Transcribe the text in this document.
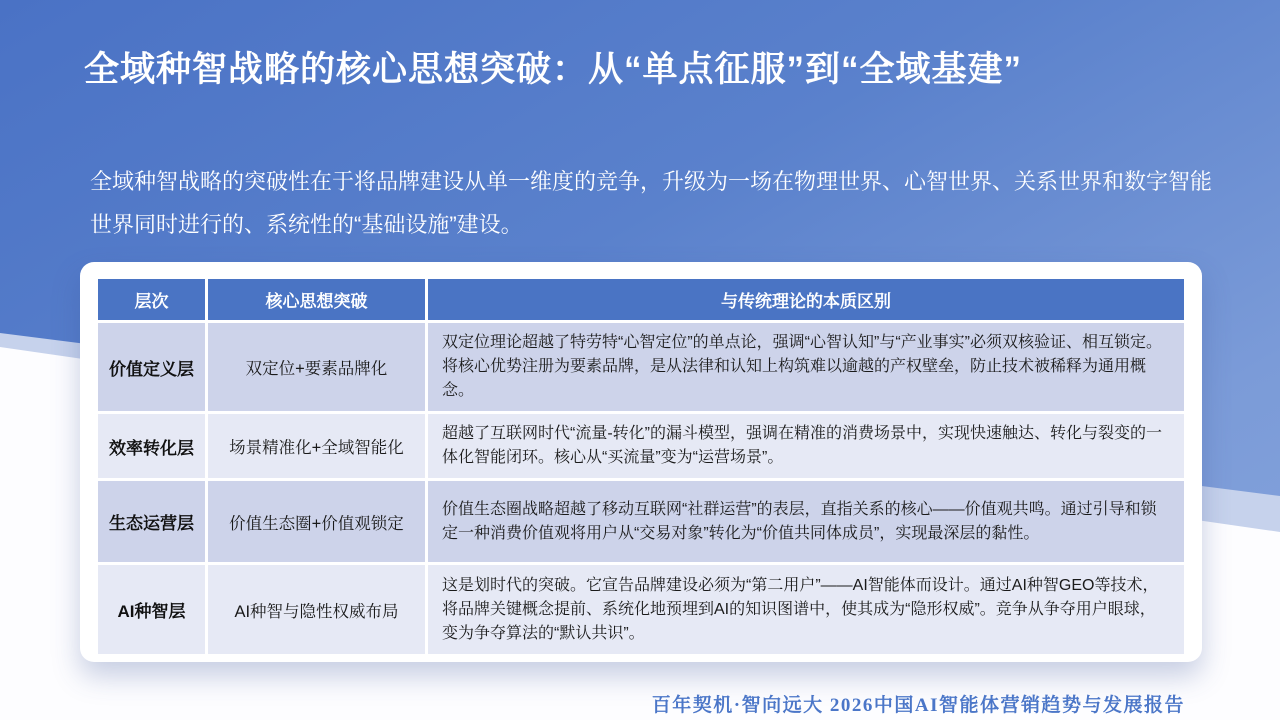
全域种智战略的核心思想突破：从“单点征服”到“全域基建”

全域种智战略的突破性在于将品牌建设从单一维度的竞争，升级为一场在物理世界、心智世界、关系世界和数字智能世界同时进行的、系统性的“基础设施”建设。

层次	核心思想突破	与传统理论的本质区别
价值定义层	双定位+要素品牌化	双定位理论超越了特劳特“心智定位”的单点论，强调“心智认知”与“产业事实”必须双核验证、相互锁定。将核心优势注册为要素品牌，是从法律和认知上构筑难以逾越的产权壁垒，防止技术被稀释为通用概念。
效率转化层	场景精准化+全域智能化	超越了互联网时代“流量-转化”的漏斗模型，强调在精准的消费场景中，实现快速触达、转化与裂变的一体化智能闭环。核心从“买流量”变为“运营场景”。
生态运营层	价值生态圈+价值观锁定	价值生态圈战略超越了移动互联网“社群运营”的表层，直指关系的核心——价值观共鸣。通过引导和锁定一种消费价值观将用户从“交易对象”转化为“价值共同体成员”，实现最深层的黏性。
AI种智层	AI种智与隐性权威布局	这是划时代的突破。它宣告品牌建设必须为“第二用户”——AI智能体而设计。通过AI种智GEO等技术，将品牌关键概念提前、系统化地预埋到AI的知识图谱中，使其成为“隐形权威”。竞争从争夺用户眼球，变为争夺算法的“默认共识”。
百年契机·智向远大 2026中国AI智能体营销趋势与发展报告
